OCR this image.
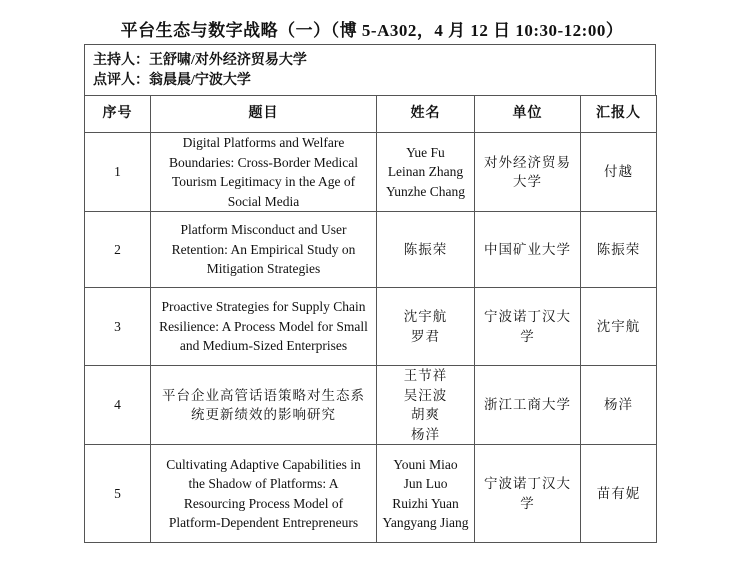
平台生态与数字战略（一）（博 5-A302，4 月 12 日 10:30-12:00）
主持人：王舒啸/对外经济贸易大学
点评人：翁晨晨/宁波大学
序号	题目	姓名	单位	汇报人
1	Digital Platforms and Welfare Boundaries: Cross-Border Medical Tourism Legitimacy in the Age of Social Media	Yue Fu
Leinan Zhang
Yunzhe Chang	对外经济贸易大学	付越
2	Platform Misconduct and User Retention: An Empirical Study on Mitigation Strategies	陈振荣	中国矿业大学	陈振荣
3	Proactive Strategies for Supply Chain Resilience: A Process Model for Small and Medium-Sized Enterprises	沈宇航
罗君	宁波诺丁汉大学	沈宇航
4	平台企业高管话语策略对生态系统更新绩效的影响研究	王节祥
吴汪波
胡爽
杨洋	浙江工商大学	杨洋
5	Cultivating Adaptive Capabilities in the Shadow of Platforms: A Resourcing Process Model of Platform-Dependent Entrepreneurs	Youni Miao
Jun Luo
Ruizhi Yuan
Yangyang Jiang	宁波诺丁汉大学	苗有妮
